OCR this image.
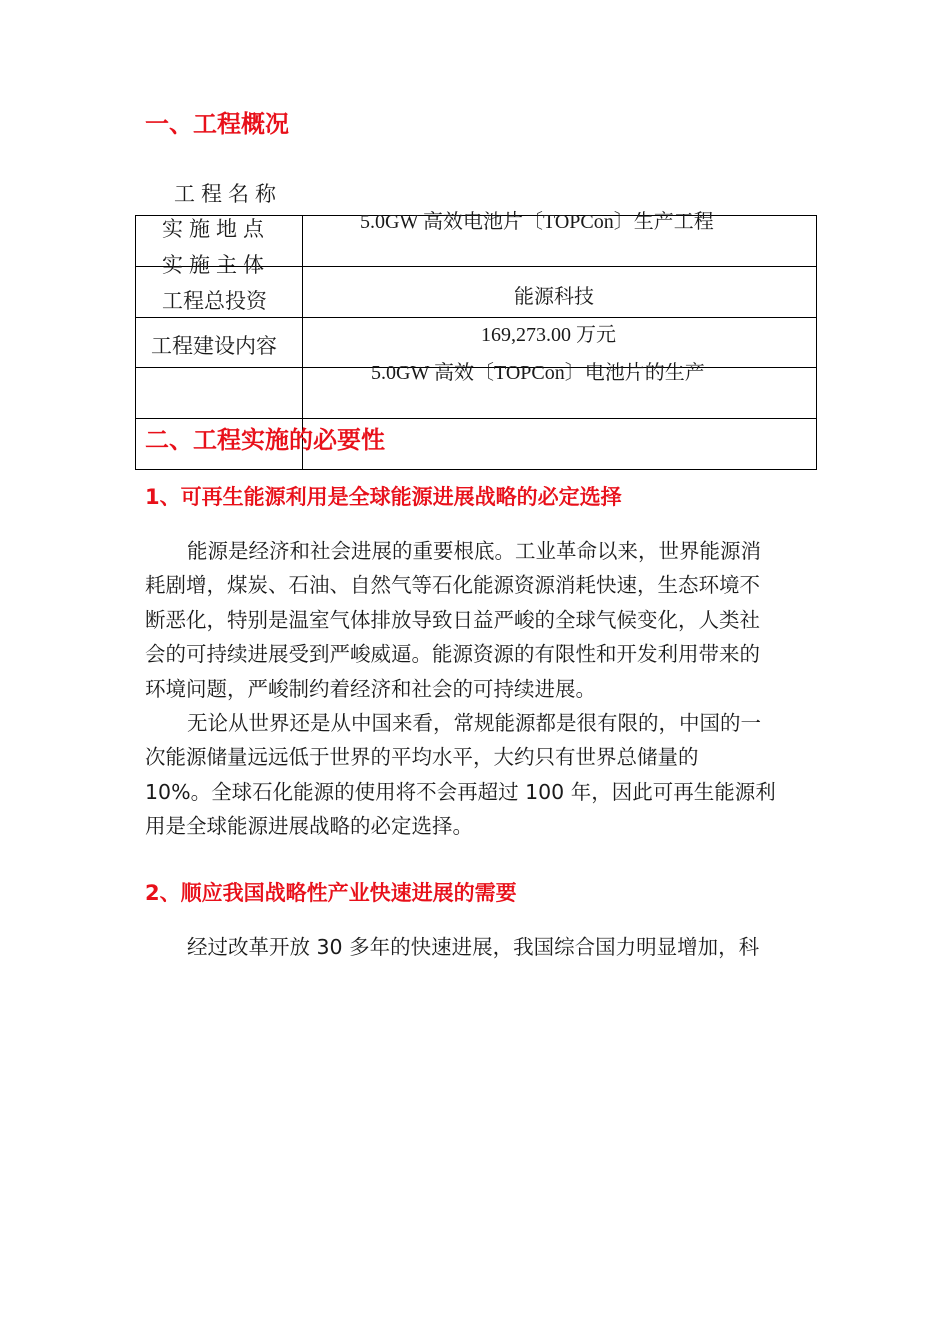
一、工程概况
工程名称
实施地点
实施主体
工程总投资
工程建设内容
5.0GW 高效电池片〔TOPCon〕生产工程
能源科技
169,273.00 万元
5.0GW 高效〔TOPCon〕电池片的生产
二、工程实施的必要性
1、可再生能源利用是全球能源进展战略的必定选择
能源是经济和社会进展的重要根底。工业革命以来，世界能源消
耗剧增，煤炭、石油、自然气等石化能源资源消耗快速，生态环境不
断恶化，特别是温室气体排放导致日益严峻的全球气候变化，人类社
会的可持续进展受到严峻威逼。能源资源的有限性和开发利用带来的
环境问题，严峻制约着经济和社会的可持续进展。
无论从世界还是从中国来看，常规能源都是很有限的，中国的一
次能源储量远远低于世界的平均水平，大约只有世界总储量的
10%。全球石化能源的使用将不会再超过 100 年，因此可再生能源利
用是全球能源进展战略的必定选择。
2、顺应我国战略性产业快速进展的需要
经过改革开放 30 多年的快速进展，我国综合国力明显增加，科
